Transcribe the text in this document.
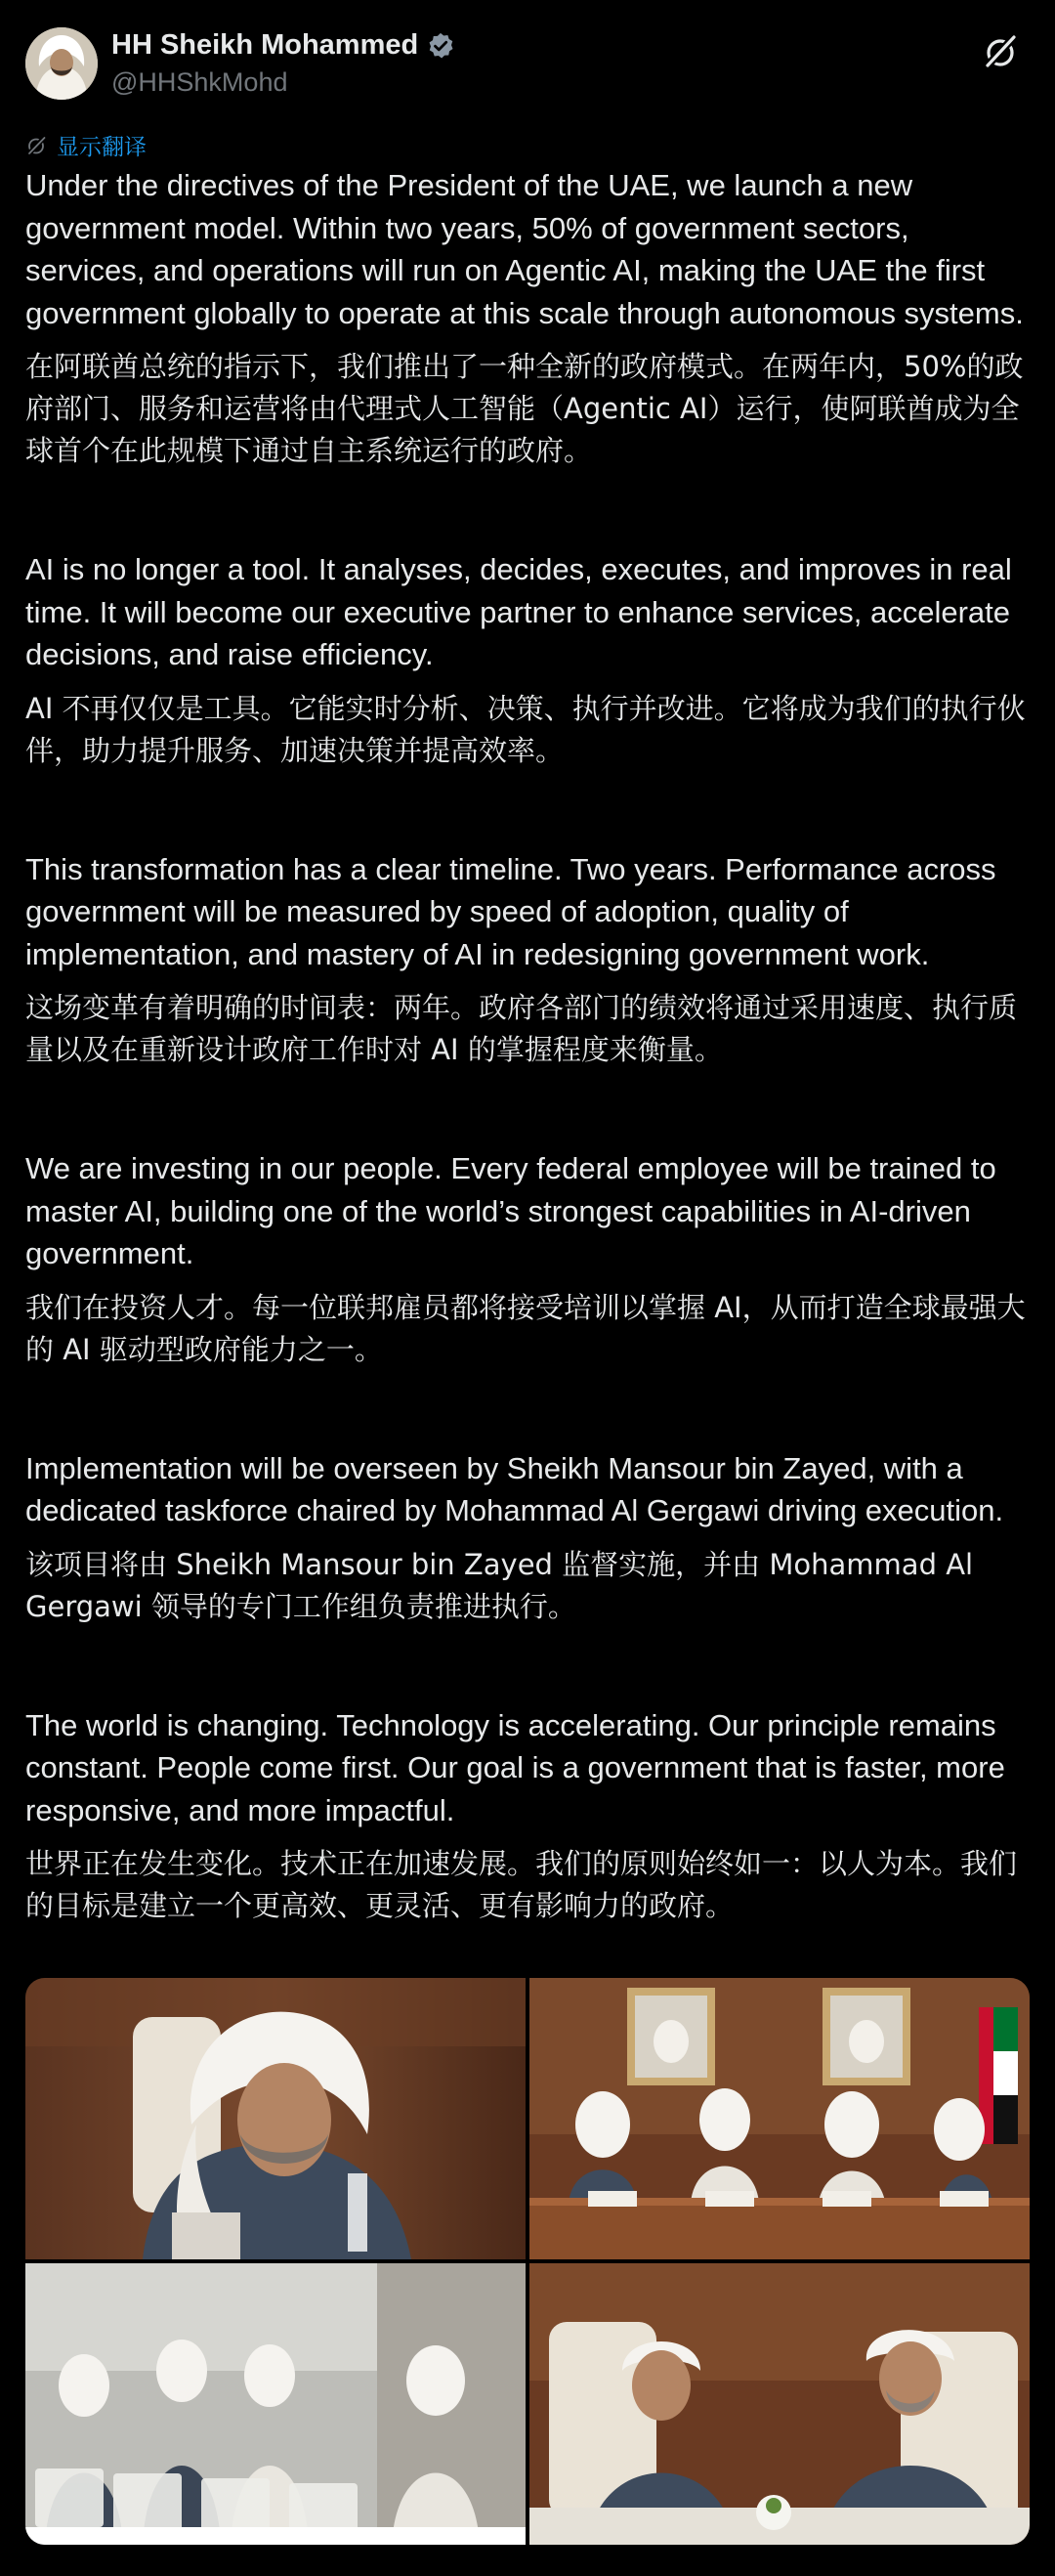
HH Sheikh Mohammed
@HHShkMohd
显示翻译

Under the directives of the President of the UAE, we launch a new government model. Within two years, 50% of government sectors, services, and operations will run on Agentic AI, making the UAE the first government globally to operate at this scale through autonomous systems.

在阿联酋总统的指示下，我们推出了一种全新的政府模式。在两年内，50%的政府部门、服务和运营将由代理式人工智能（Agentic AI）运行，使阿联酋成为全球首个在此规模下通过自主系统运行的政府。

AI is no longer a tool. It analyses, decides, executes, and improves in real time. It will become our executive partner to enhance services, accelerate decisions, and raise efficiency.

AI 不再仅仅是工具。它能实时分析、决策、执行并改进。它将成为我们的执行伙伴，助力提升服务、加速决策并提高效率。

This transformation has a clear timeline. Two years. Performance across government will be measured by speed of adoption, quality of implementation, and mastery of AI in redesigning government work.

这场变革有着明确的时间表：两年。政府各部门的绩效将通过采用速度、执行质量以及在重新设计政府工作时对 AI 的掌握程度来衡量。

We are investing in our people. Every federal employee will be trained to master AI, building one of the world’s strongest capabilities in AI-driven government.

我们在投资人才。每一位联邦雇员都将接受培训以掌握 AI，从而打造全球最强大的 AI 驱动型政府能力之一。

Implementation will be overseen by Sheikh Mansour bin Zayed, with a dedicated taskforce chaired by Mohammad Al Gergawi driving execution.

该项目将由 Sheikh Mansour bin Zayed 监督实施，并由 Mohammad Al Gergawi 领导的专门工作组负责推进执行。

The world is changing. Technology is accelerating. Our principle remains constant. People come first. Our goal is a government that is faster, more responsive, and more impactful.

世界正在发生变化。技术正在加速发展。我们的原则始终如一：以人为本。我们的目标是建立一个更高效、更灵活、更有影响力的政府。
